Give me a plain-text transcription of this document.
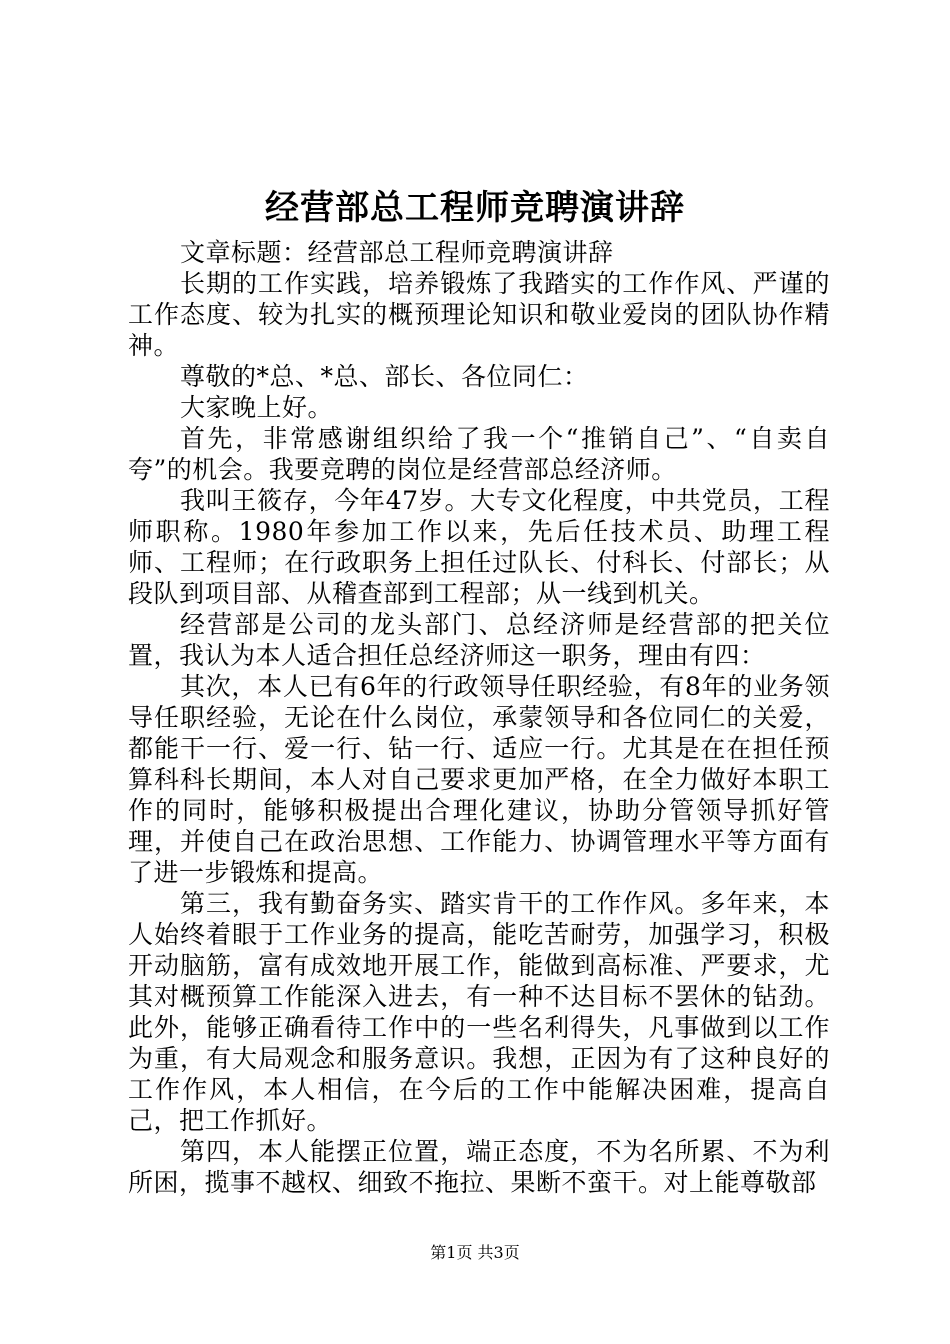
经营部总工程师竞聘演讲辞

文章标题：经营部总工程师竞聘演讲辞

长期的工作实践，培养锻炼了我踏实的工作作风、严谨的工作态度、较为扎实的概预理论知识和敬业爱岗的团队协作精神。

尊敬的*总、*总、部长、各位同仁：

大家晚上好。

首先，非常感谢组织给了我一个“推销自己”、“自卖自夸”的机会。我要竞聘的岗位是经营部总经济师。

我叫王筱存，今年47岁。大专文化程度，中共党员，工程师职称。1980年参加工作以来，先后任技术员、助理工程师、工程师；在行政职务上担任过队长、付科长、付部长；从段队到项目部、从稽查部到工程部；从一线到机关。

经营部是公司的龙头部门、总经济师是经营部的把关位置，我认为本人适合担任总经济师这一职务，理由有四：

其次，本人已有6年的行政领导任职经验，有8年的业务领导任职经验，无论在什么岗位，承蒙领导和各位同仁的关爱，都能干一行、爱一行、钻一行、适应一行。尤其是在在担任预算科科长期间，本人对自己要求更加严格，在全力做好本职工作的同时，能够积极提出合理化建议，协助分管领导抓好管理，并使自己在政治思想、工作能力、协调管理水平等方面有了进一步锻炼和提高。

第三，我有勤奋务实、踏实肯干的工作作风。多年来，本人始终着眼于工作业务的提高，能吃苦耐劳，加强学习，积极开动脑筋，富有成效地开展工作，能做到高标准、严要求，尤其对概预算工作能深入进去，有一种不达目标不罢休的钻劲。此外，能够正确看待工作中的一些名利得失，凡事做到以工作为重，有大局观念和服务意识。我想，正因为有了这种良好的工作作风，本人相信，在今后的工作中能解决困难，提高自己，把工作抓好。

第四，本人能摆正位置，端正态度，不为名所累、不为利所困，揽事不越权、细致不拖拉、果断不蛮干。对上能尊敬部

第1页 共3页
